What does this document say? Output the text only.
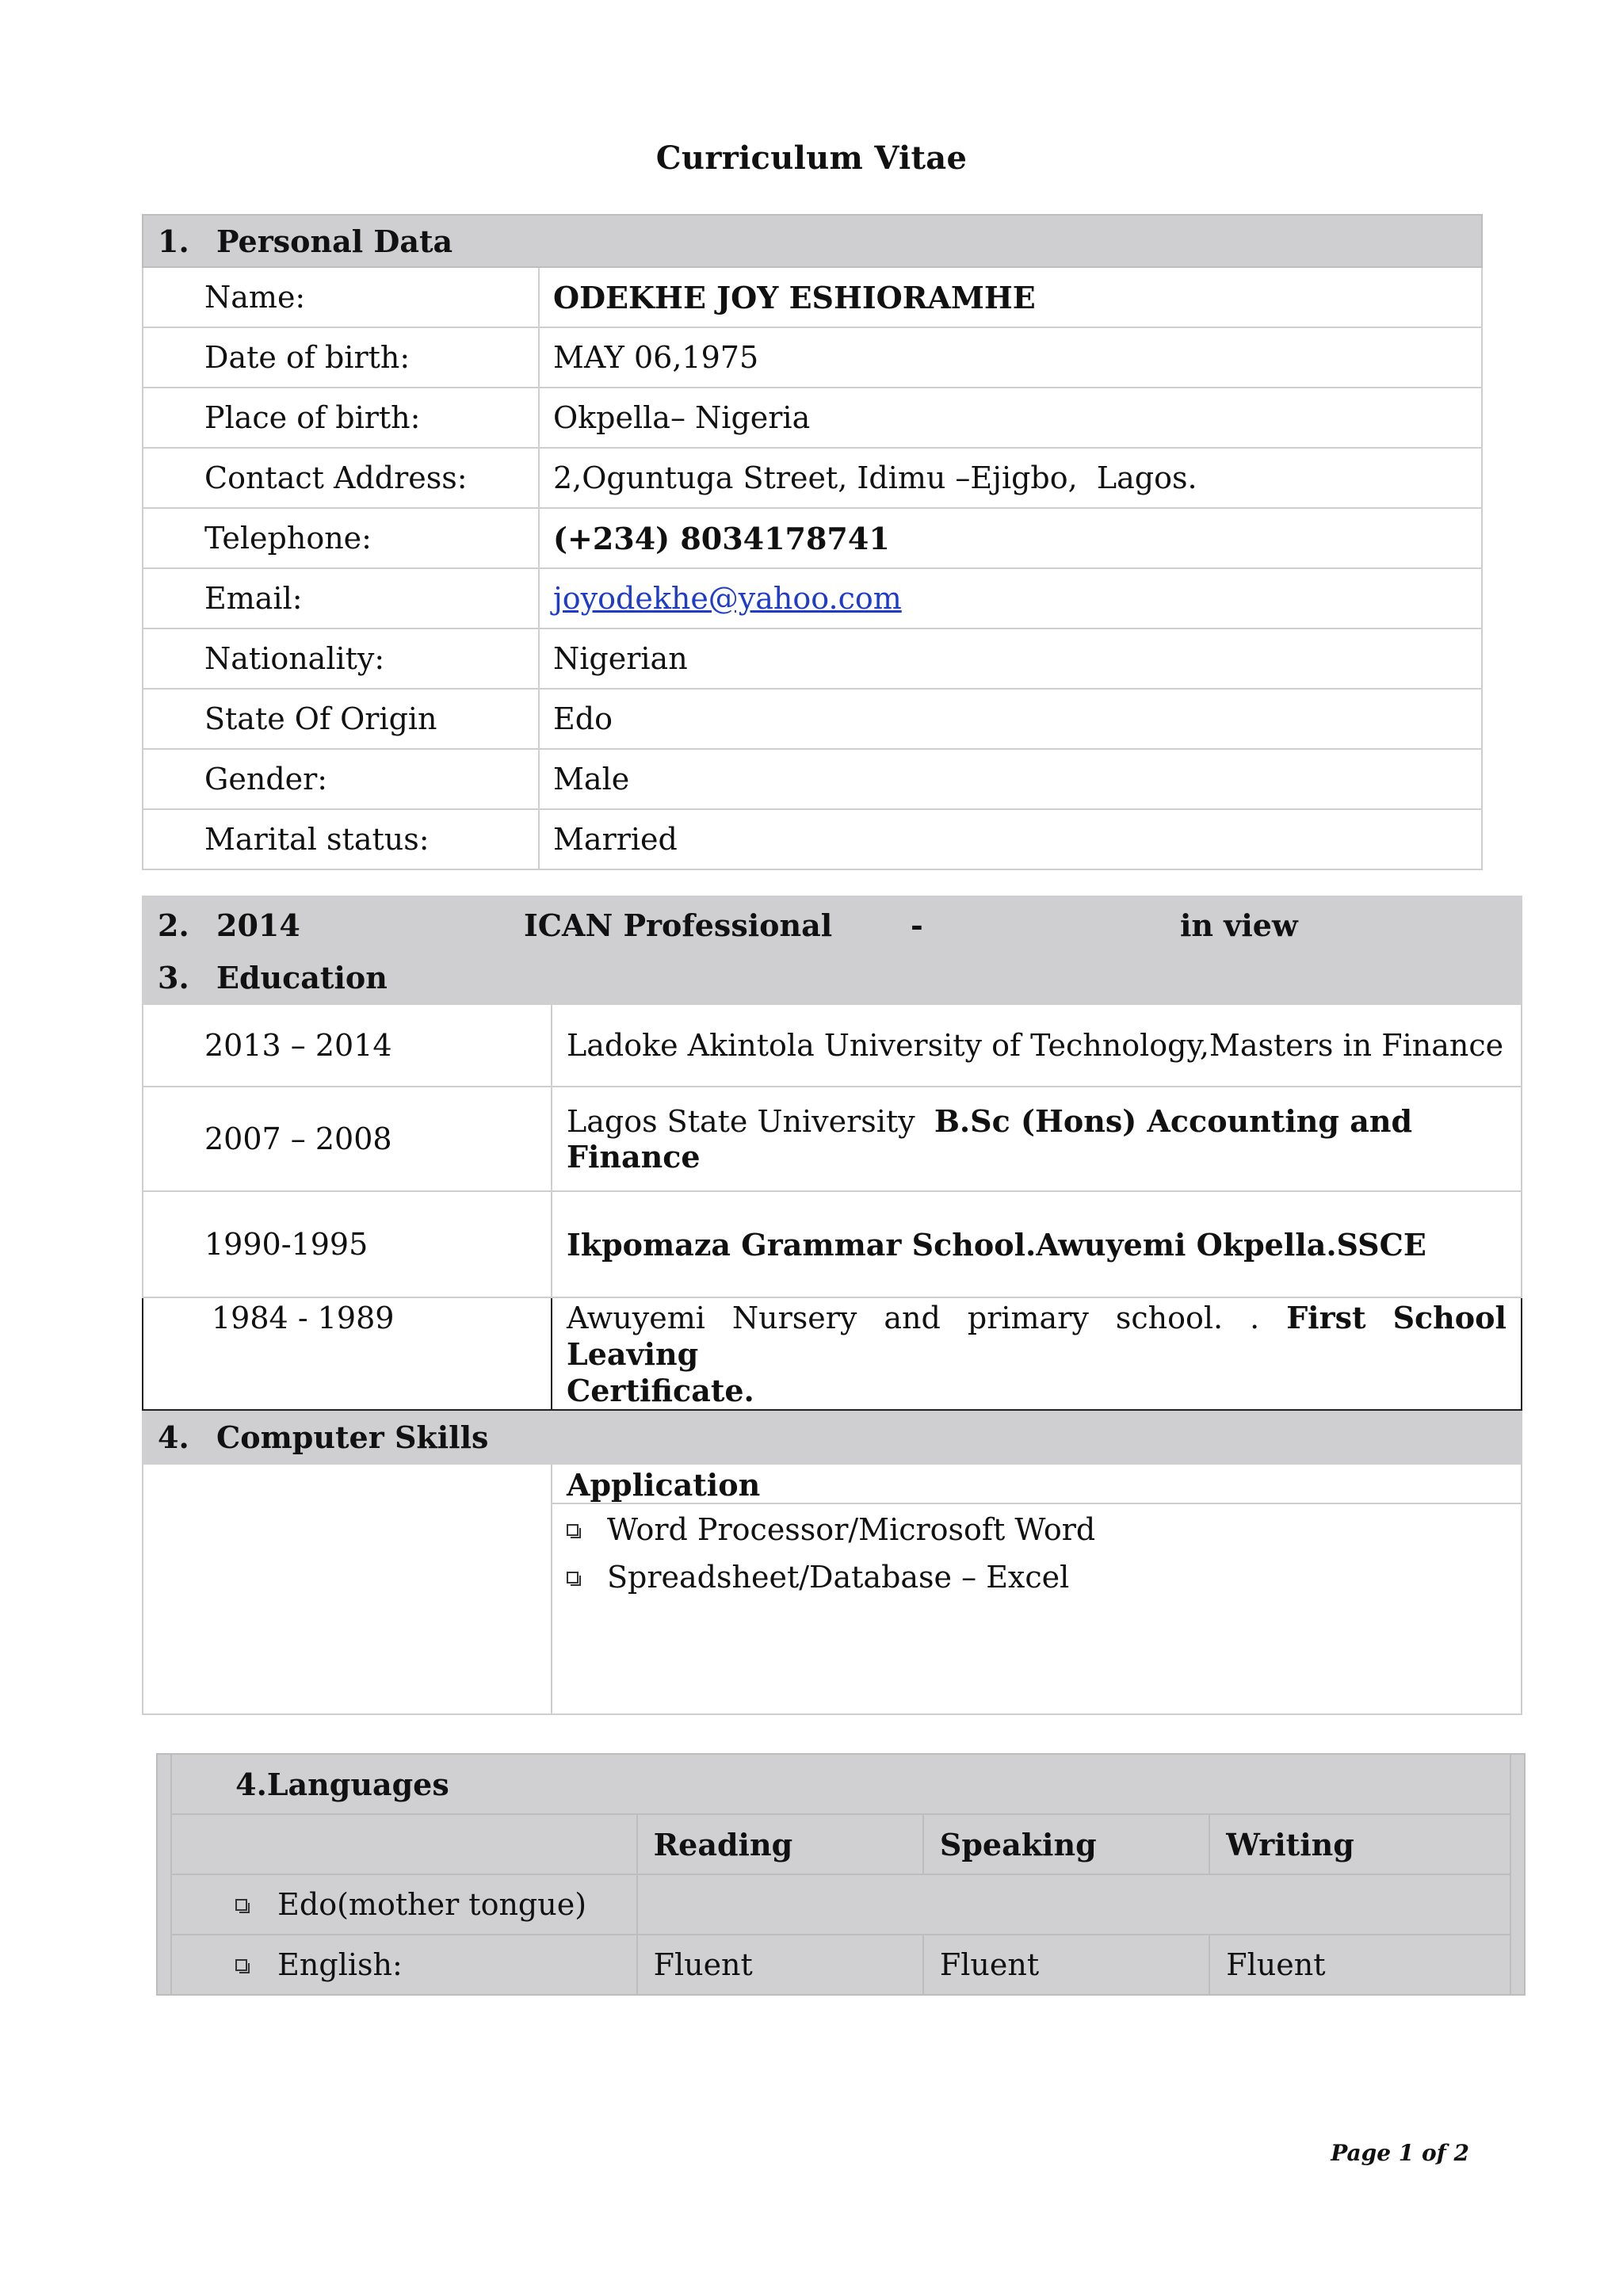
Curriculum Vitae
1. Personal Data	
Name:	ODEKHE JOY ESHIORAMHE
Date of birth:	MAY 06,1975
Place of birth:	Okpella– Nigeria
Contact Address:	2,Oguntuga Street, Idimu –Ejigbo,  Lagos.
Telephone:	(+234) 8034178741
Email:	joyodekhe@yahoo.com
Nationality:	Nigerian
State Of Origin	Edo
Gender:	Male
Marital status:	Married
2. 2014 ICAN Professional - in view	

3. Education	
2013 – 2014	Ladoke Akintola University of Technology,Masters in Finance
2007 – 2008	Lagos State University B.Sc (Hons) Accounting and Finance
1990-1995	Ikpomaza Grammar School.Awuyemi Okpella.SSCE
1984 - 1989	Awuyemi Nursery and primary school. . First School Leaving
Certificate.

4. Computer Skills	

	Application
Word Processor/Microsoft Word
Spreadsheet/Database – Excel
	4.Languages				
		Reading	Speaking	Writing	
	Edo(mother tongue)				
	English:	Fluent	Fluent	Fluent	
Page 1 of 2
